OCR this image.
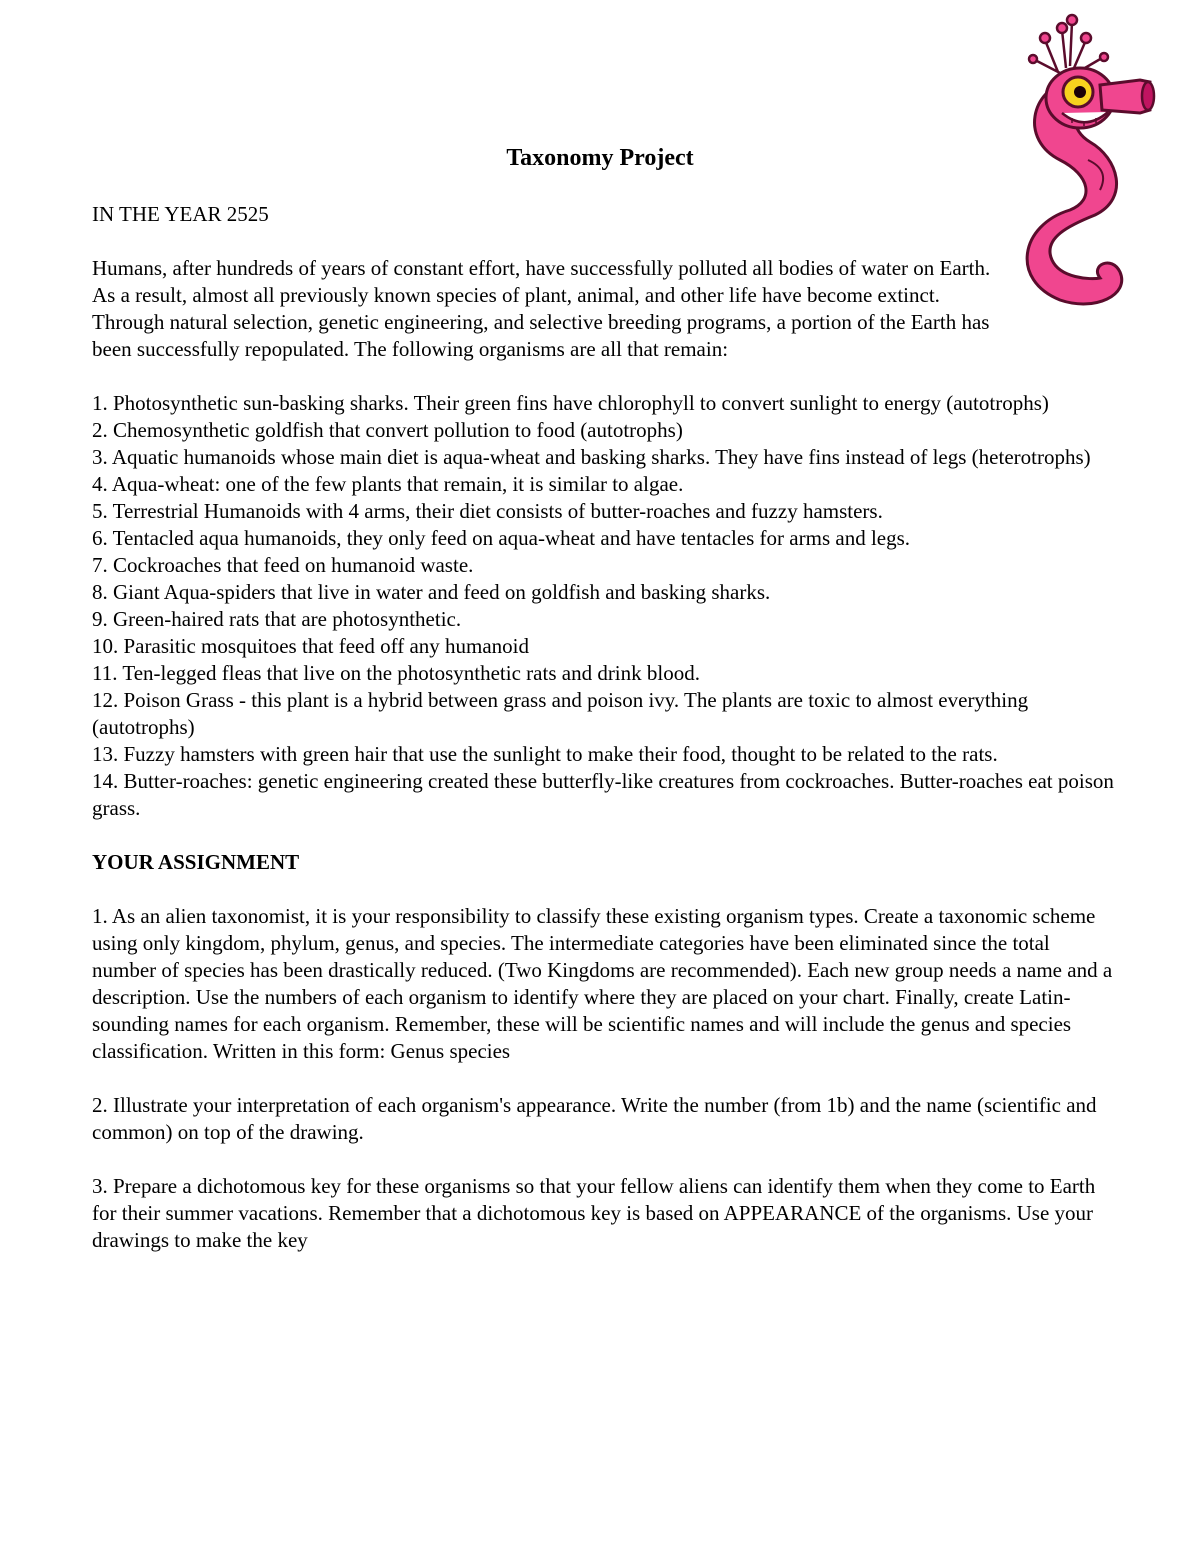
Taxonomy Project

IN THE YEAR 2525

Humans, after hundreds of years of constant effort, have successfully polluted all bodies of water on Earth. As a result, almost all previously known species of plant, animal, and other life have become extinct. Through natural selection, genetic engineering, and selective breeding programs, a portion of the Earth has been successfully repopulated. The following organisms are all that remain:

1. Photosynthetic sun-basking sharks. Their green fins have chlorophyll to convert sunlight to energy (autotrophs)
2. Chemosynthetic goldfish that convert pollution to food (autotrophs)
3. Aquatic humanoids whose main diet is aqua-wheat and basking sharks. They have fins instead of legs (heterotrophs)
4. Aqua-wheat: one of the few plants that remain, it is similar to algae.
5. Terrestrial Humanoids with 4 arms, their diet consists of butter-roaches and fuzzy hamsters.
6. Tentacled aqua humanoids, they only feed on aqua-wheat and have tentacles for arms and legs.
7. Cockroaches that feed on humanoid waste.
8. Giant Aqua-spiders that live in water and feed on goldfish and basking sharks.
9. Green-haired rats that are photosynthetic.
10. Parasitic mosquitoes that feed off any humanoid
11. Ten-legged fleas that live on the photosynthetic rats and drink blood.
12. Poison Grass - this plant is a hybrid between grass and poison ivy. The plants are toxic to almost everything (autotrophs)
13. Fuzzy hamsters with green hair that use the sunlight to make their food, thought to be related to the rats.
14. Butter-roaches: genetic engineering created these butterfly-like creatures from cockroaches. Butter-roaches eat poison grass.

YOUR ASSIGNMENT

1. As an alien taxonomist, it is your responsibility to classify these existing organism types. Create a taxonomic scheme using only kingdom, phylum, genus, and species. The intermediate categories have been eliminated since the total number of species has been drastically reduced. (Two Kingdoms are recommended). Each new group needs a name and a description. Use the numbers of each organism to identify where they are placed on your chart. Finally, create Latin-sounding names for each organism. Remember, these will be scientific names and will include the genus and species classification. Written in this form: Genus species

2. Illustrate your interpretation of each organism's appearance. Write the number (from 1b) and the name (scientific and common) on top of the drawing.

3. Prepare a dichotomous key for these organisms so that your fellow aliens can identify them when they come to Earth for their summer vacations. Remember that a dichotomous key is based on APPEARANCE of the organisms. Use your drawings to make the key
